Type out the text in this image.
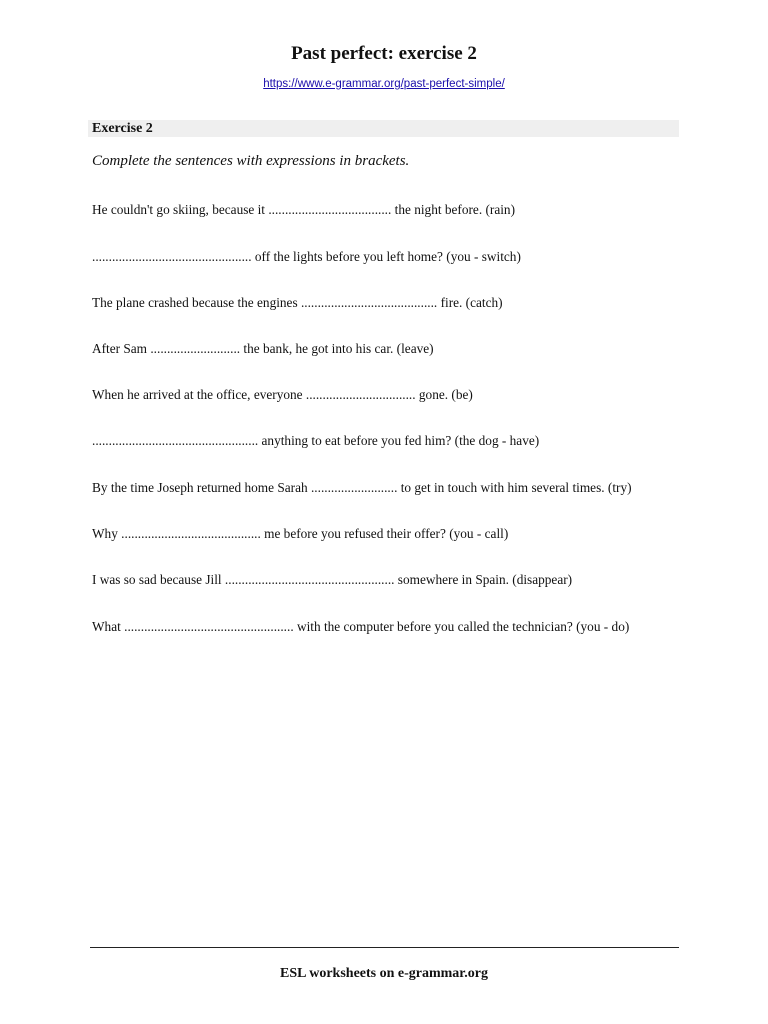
Past perfect: exercise 2
https://www.e-grammar.org/past-perfect-simple/
Exercise 2
Complete the sentences with expressions in brackets.
He couldn't go skiing, because it ..................................... the night before. (rain)
................................................ off the lights before you left home? (you - switch)
The plane crashed because the engines ......................................... fire. (catch)
After Sam ........................... the bank, he got into his car. (leave)
When he arrived at the office, everyone ................................. gone. (be)
.................................................. anything to eat before you fed him? (the dog - have)
By the time Joseph returned home Sarah .......................... to get in touch with him several times. (try)
Why .......................................... me before you refused their offer? (you - call)
I was so sad because Jill ................................................... somewhere in Spain. (disappear)
What ................................................... with the computer before you called the technician? (you - do)
ESL worksheets on e-grammar.org
